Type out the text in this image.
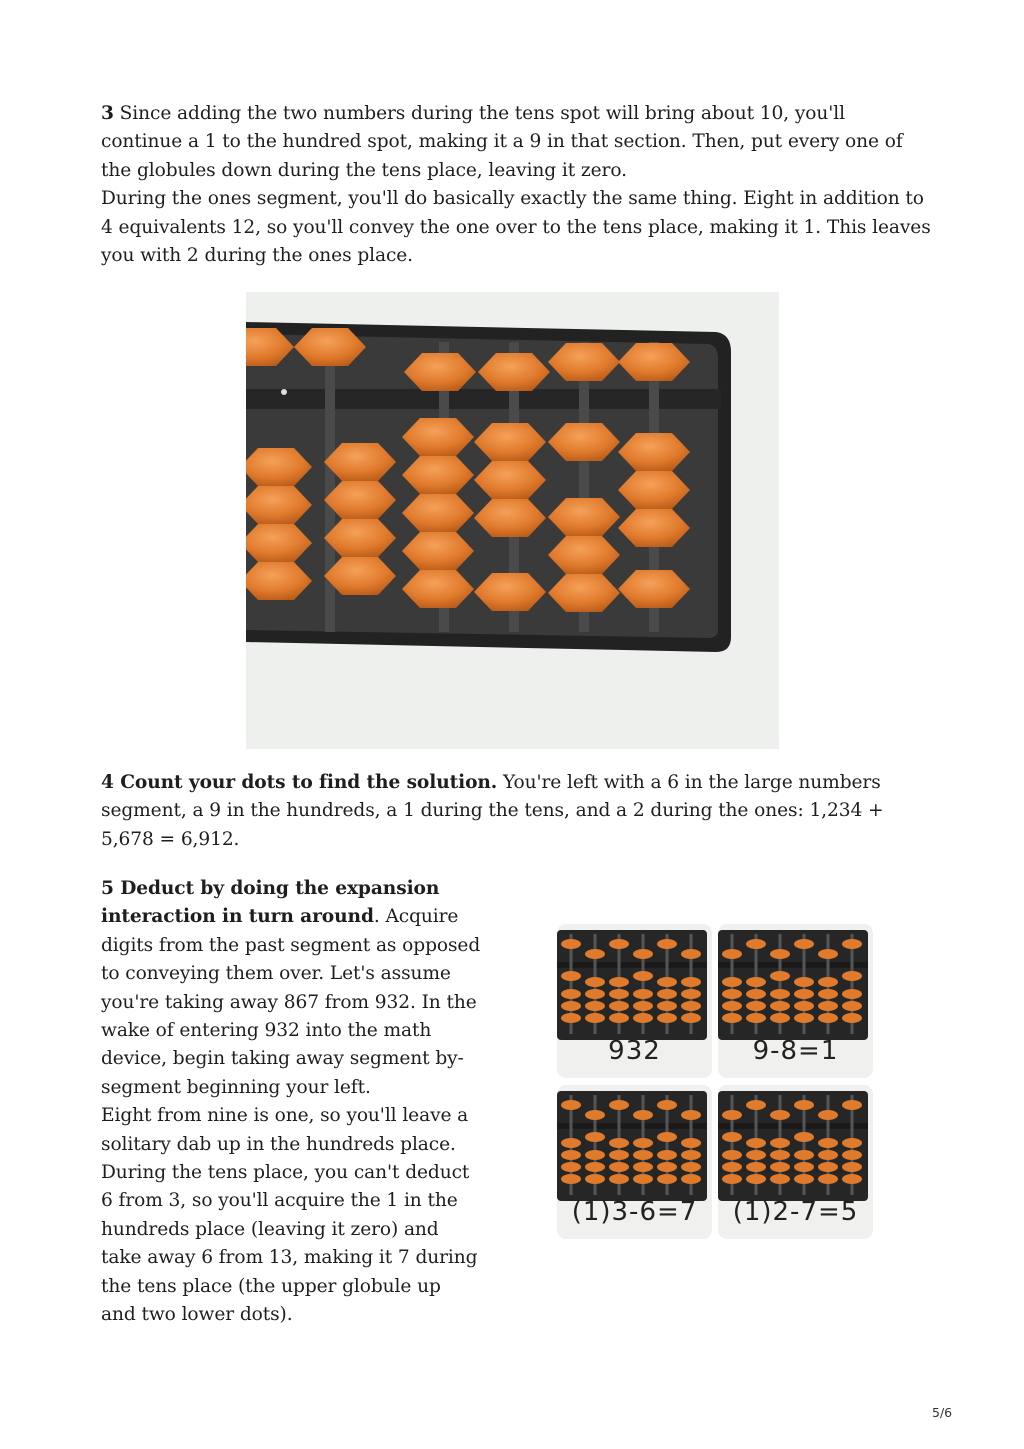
3 Since adding the two numbers during the tens spot will bring about 10, you'll continue a 1 to the hundred spot, making it a 9 in that section. Then, put every one of the globules down during the tens place, leaving it zero.
During the ones segment, you'll do basically exactly the same thing. Eight in addition to 4 equivalents 12, so you'll convey the one over to the tens place, making it 1. This leaves you with 2 during the ones place.

4 Count your dots to find the solution. You're left with a 6 in the large numbers segment, a 9 in the hundreds, a 1 during the tens, and a 2 during the ones: 1,234 + 5,678 = 6,912.

5 Deduct by doing the expansion interaction in turn around. Acquire digits from the past segment as opposed to conveying them over. Let's assume you're taking away 867 from 932. In the wake of entering 932 into the math device, begin taking away segment by-segment beginning your left.
Eight from nine is one, so you'll leave a solitary dab up in the hundreds place. During the tens place, you can't deduct 6 from 3, so you'll acquire the 1 in the hundreds place (leaving it zero) and take away 6 from 13, making it 7 during the tens place (the upper globule up and two lower dots).

932	9-8=1
(1)3-6=7	(1)2-7=5
5/6
